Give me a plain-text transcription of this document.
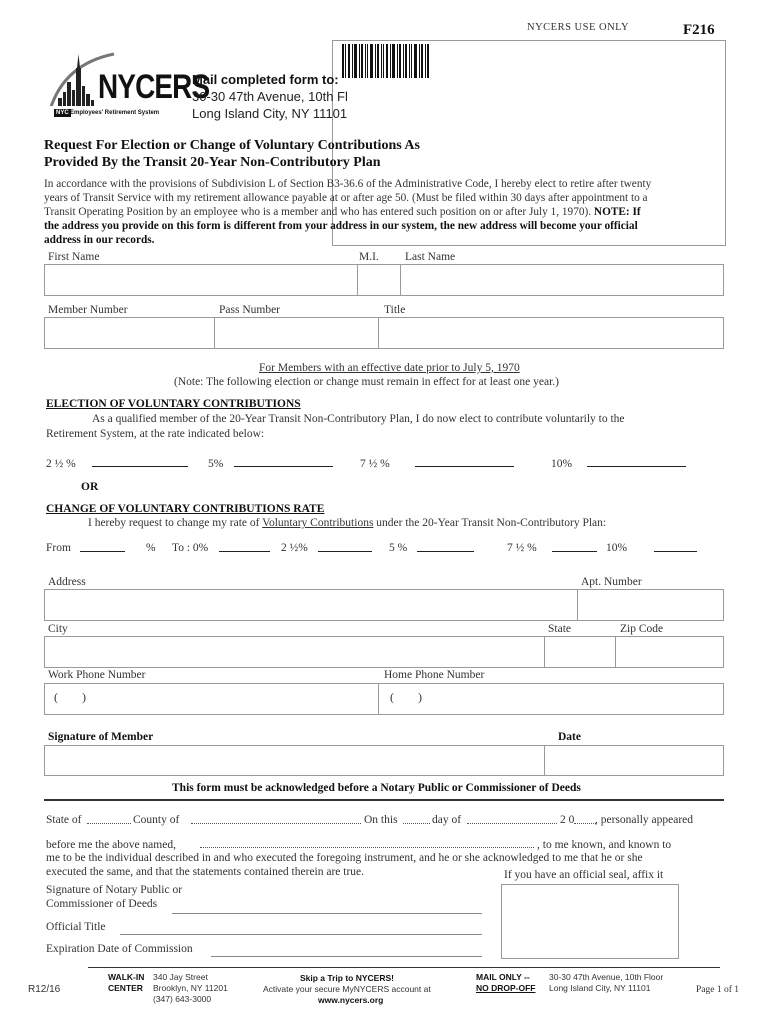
NYCERS USE ONLY	F216
NYCERS
NYC Employees' Retirement System
Mail completed form to:
30-30 47th Avenue, 10th Fl
Long Island City, NY 11101
Request For Election or Change of Voluntary Contributions As
Provided By the Transit 20-Year Non-Contributory Plan
In accordance with the provisions of Subdivision L of Section B3-36.6 of the Administrative Code, I hereby elect to retire after twenty
years of Transit Service with my retirement allowance payable at or after age 50. (Must be filed within 30 days after appointment to a
Transit Operating Position by an employee who is a member and who has entered such position on or after July 1, 1970). NOTE: If
the address you provide on this form is different from your address in our system, the new address will become your official
address in our records.
First Name	M.I. Last Name
Member Number	Pass Number	Title
For Members with an effective date prior to July 5, 1970
(Note: The following election or change must remain in effect for at least one year.)
ELECTION OF VOLUNTARY CONTRIBUTIONS
As a qualified member of the 20-Year Transit Non-Contributory Plan, I do now elect to contribute voluntarily to the
Retirement System, at the rate indicated below:
2 ½ %	5%	7 ½ %	10%
OR
CHANGE OF VOLUNTARY CONTRIBUTIONS RATE
I hereby request to change my rate of Voluntary Contributions under the 20-Year Transit Non-Contributory Plan:
From	% To : 0%	2 ½%	5 %	7 ½ %	10%
Address	Apt. Number
City	State	Zip Code
Work Phone Number	Home Phone Number
(        )	(        )
Signature of Member	Date
This form must be acknowledged before a Notary Public or Commissioner of Deeds
State of	County of	On this	day of	2 0 , personally appeared
before me the above named,	, to me known, and known to
me to be the individual described in and who executed the foregoing instrument, and he or she acknowledged to me that he or she
executed the same, and that the statements contained therein are true.	If you have an official seal, affix it
Signature of Notary Public or
Commissioner of Deeds
Official Title
Expiration Date of Commission
R12/16
WALK-IN
CENTER
340 Jay Street
Brooklyn, NY 11201
(347) 643-3000
Skip a Trip to NYCERS!
Activate your secure MyNYCERS account at
www.nycers.org
MAIL ONLY --
NO DROP-OFF
30-30 47th Avenue, 10th Floor
Long Island City, NY 11101	Page 1 of 1
